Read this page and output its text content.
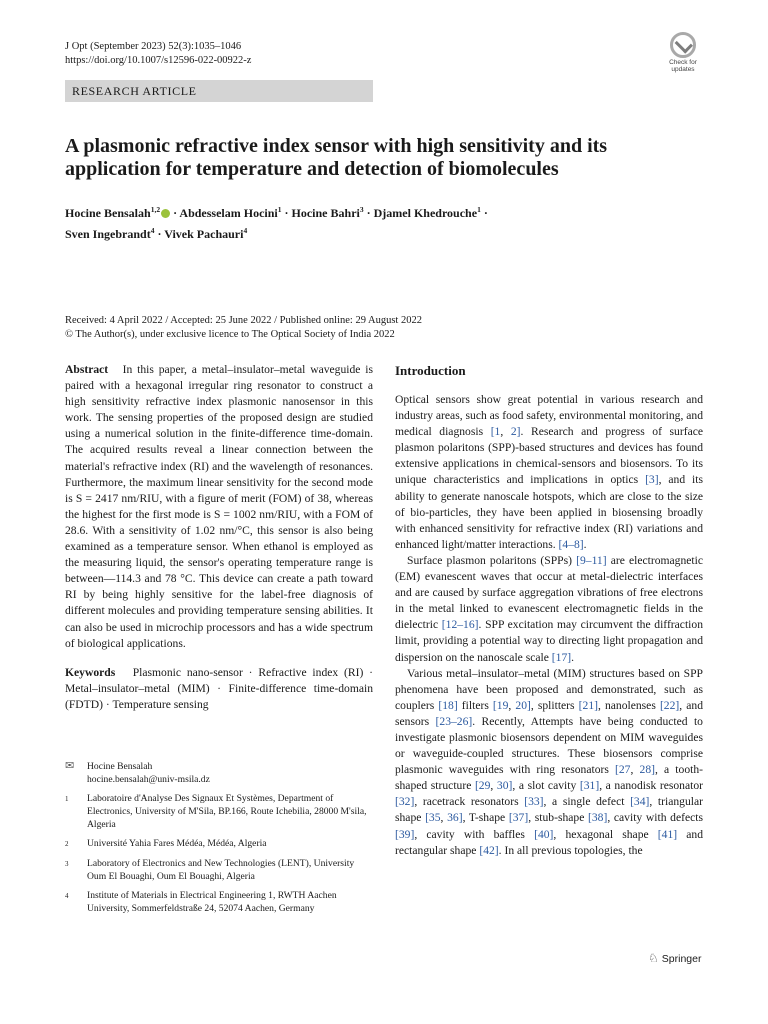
J Opt (September 2023) 52(3):1035–1046
https://doi.org/10.1007/s12596-022-00922-z	Check for
updates
RESEARCH ARTICLE
A plasmonic refractive index sensor with high sensitivity and its application for temperature and detection of biomolecules
Hocine Bensalah$^{1,2}$ · Abdesselam Hocini$^1$ · Hocine Bahri$^3$ · Djamel Khedrouche$^1$ ·
Sven Ingebrandt$^4$ · Vivek Pachauri$^4$
Received: 4 April 2022 / Accepted: 25 June 2022 / Published online: 29 August 2022
© The Author(s), under exclusive licence to The Optical Society of India 2022

Abstract In this paper, a metal–insulator–metal waveguide is paired with a hexagonal irregular ring resonator to construct a high sensitivity refractive index plasmonic nanosensor in this work. The sensing properties of the proposed design are studied using a numerical solution in the finite-difference time-domain. The acquired results reveal a linear connection between the material's refractive index (RI) and the wavelength of resonances. Furthermore, the maximum linear sensitivity for the second mode is S = 2417 nm/RIU, with a figure of merit (FOM) of 38, whereas the highest for the first mode is S = 1002 nm/RIU, with a FOM of 28.6. With a sensitivity of 1.02 nm/°C, this sensor is also being examined as a temperature sensor. When ethanol is employed as the measuring liquid, the sensor's operating temperature range is between—114.3 and 78 °C. This device can create a path toward RI by being highly sensitive for the label-free diagnosis of different molecules and providing temperature sensing abilities. It can also be used in microchip processors and has a wide spectrum of biological applications.

Keywords Plasmonic nano-sensor · Refractive index (RI) · Metal–insulator–metal (MIM) · Finite-difference time-domain (FDTD) · Temperature sensing

✉	Hocine Bensalah
hocine.bensalah@univ-msila.dz
1	Laboratoire d'Analyse Des Signaux Et Systèmes, Department of Electronics, University of M'Sila, BP.166, Route Ichebilia, 28000 M'sila, Algeria
2	Université Yahia Fares Médéa, Médéa, Algeria
3	Laboratory of Electronics and New Technologies (LENT), University Oum El Bouaghi, Oum El Bouaghi, Algeria
4	Institute of Materials in Electrical Engineering 1, RWTH Aachen University, Sommerfeldstraße 24, 52074 Aachen, Germany
Introduction

Optical sensors show great potential in various research and industry areas, such as food safety, environmental monitoring, and medical diagnosis [1, 2]. Research and progress of surface plasmon polaritons (SPP)-based structures and devices has found extensive applications in chemical-sensors and biosensors. To its unique characteristics and implications in optics [3], and its ability to generate nanoscale hotspots, which are close to the size of bio-particles, they have been applied in biosensing broadly with enhanced sensitivity for refractive index (RI) variations and enhanced light/matter interactions. [4–8].

Surface plasmon polaritons (SPPs) [9–11] are electromagnetic (EM) evanescent waves that occur at metal-dielectric interfaces and are caused by surface aggregation vibrations of free electrons in the metal linked to evanescent electromagnetic fields in the dielectric [12–16]. SPP excitation may circumvent the diffraction limit, providing a potential way to directing light propagation and dispersion on the nanoscale scale [17].

Various metal–insulator–metal (MIM) structures based on SPP phenomena have been proposed and demonstrated, such as couplers [18] filters [19, 20], splitters [21], nanolenses [22], and sensors [23–26]. Recently, Attempts have being conducted to investigate plasmonic biosensors dependent on MIM waveguides or waveguide-coupled structures. These biosensors comprise plasmonic waveguides with ring resonators [27, 28], a tooth-shaped structure [29, 30], a slot cavity [31], a nanodisk resonator [32], racetrack resonators [33], a single defect [34], triangular shape [35, 36], T-shape [37], stub-shape [38], cavity with defects [39], cavity with baffles [40], hexagonal shape [41] and rectangular shape [42]. In all previous topologies, the

♘ Springer
